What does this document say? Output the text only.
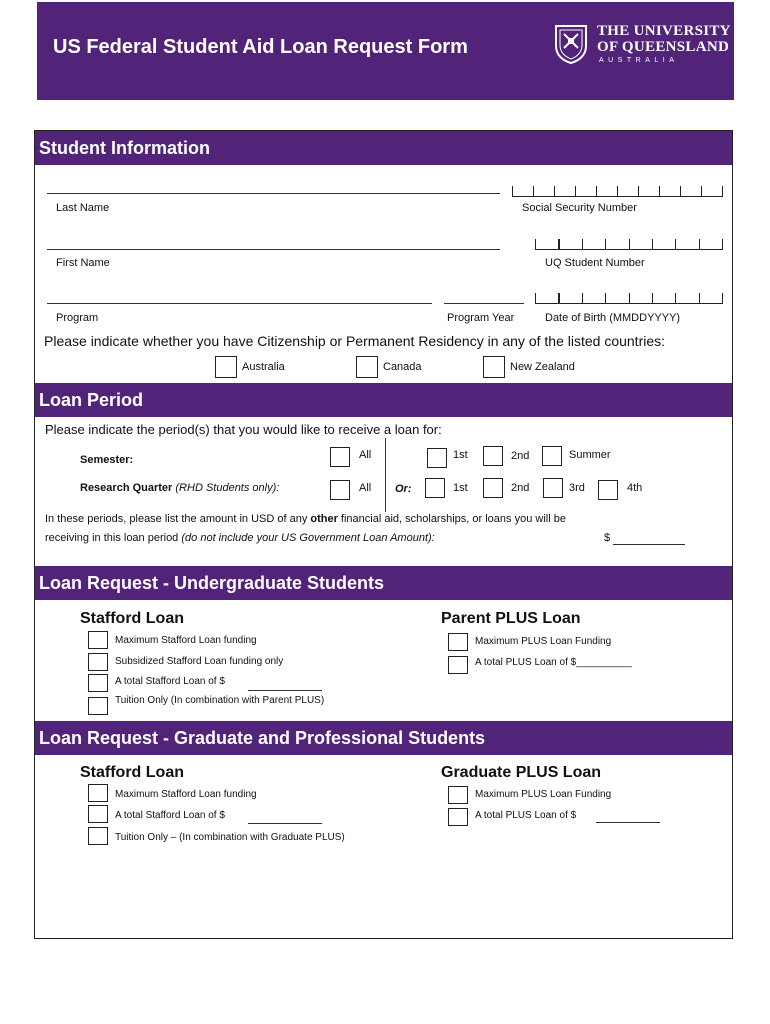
US Federal Student Aid Loan Request Form
THE UNIVERSITY
OF QUEENSLAND
AUSTRALIA
Student Information
Last Name	Social Security Number
First Name	UQ Student Number
Program	Program Year	Date of Birth (MMDDYYYY)
Please indicate whether you have Citizenship or Permanent Residency in any of the listed countries:
Australia	Canada	New Zealand
Loan Period
Please indicate the period(s) that you would like to receive a loan for:
Semester:	All	1st	2nd	Summer
Research Quarter (RHD Students only):	All Or:	1st	2nd	3rd	4th
In these periods, please list the amount in USD of any other financial aid, scholarships, or loans you will be
receiving in this loan period (do not include your US Government Loan Amount):	$
Loan Request - Undergraduate Students
Stafford Loan
Maximum Stafford Loan funding
Subsidized Stafford Loan funding only
A total Stafford Loan of $
Tuition Only (In combination with Parent PLUS)
Parent PLUS Loan
Maximum PLUS Loan Funding
A total PLUS Loan of $__________
Loan Request - Graduate and Professional Students
Stafford Loan
Maximum Stafford Loan funding
A total Stafford Loan of $
Tuition Only – (In combination with Graduate PLUS)
Graduate PLUS Loan
Maximum PLUS Loan Funding
A total PLUS Loan of $
